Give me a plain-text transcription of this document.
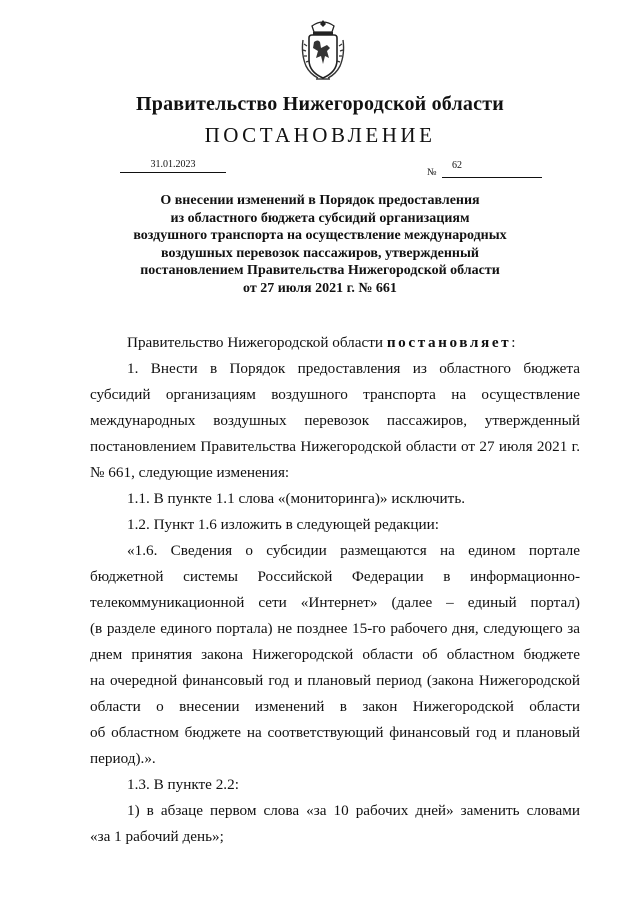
Правительство Нижегородской области
ПОСТАНОВЛЕНИЕ
31.01.2023
№
62
О внесении изменений в Порядок предоставления
из областного бюджета субсидий организациям
воздушного транспорта на осуществление международных
воздушных перевозок пассажиров, утвержденный
постановлением Правительства Нижегородской области
от 27 июля 2021 г. № 661
Правительство Нижегородской области постановляет:
1. Внести в Порядок предоставления из областного бюджета
субсидий организациям воздушного транспорта на осуществление
международных воздушных перевозок пассажиров, утвержденный
постановлением Правительства Нижегородской области от 27 июля 2021 г.
№ 661, следующие изменения:
1.1. В пункте 1.1 слова «(мониторинга)» исключить.
1.2. Пункт 1.6 изложить в следующей редакции:
«1.6. Сведения о субсидии размещаются на едином портале
бюджетной системы Российской Федерации в информационно-
телекоммуникационной сети «Интернет» (далее – единый портал)
(в разделе единого портала) не позднее 15-го рабочего дня, следующего за
днем принятия закона Нижегородской области об областном бюджете
на очередной финансовый год и плановый период (закона Нижегородской
области о внесении изменений в закон Нижегородской области
об областном бюджете на соответствующий финансовый год и плановый
период).».
1.3. В пункте 2.2:
1) в абзаце первом слова «за 10 рабочих дней» заменить словами
«за 1 рабочий день»;
